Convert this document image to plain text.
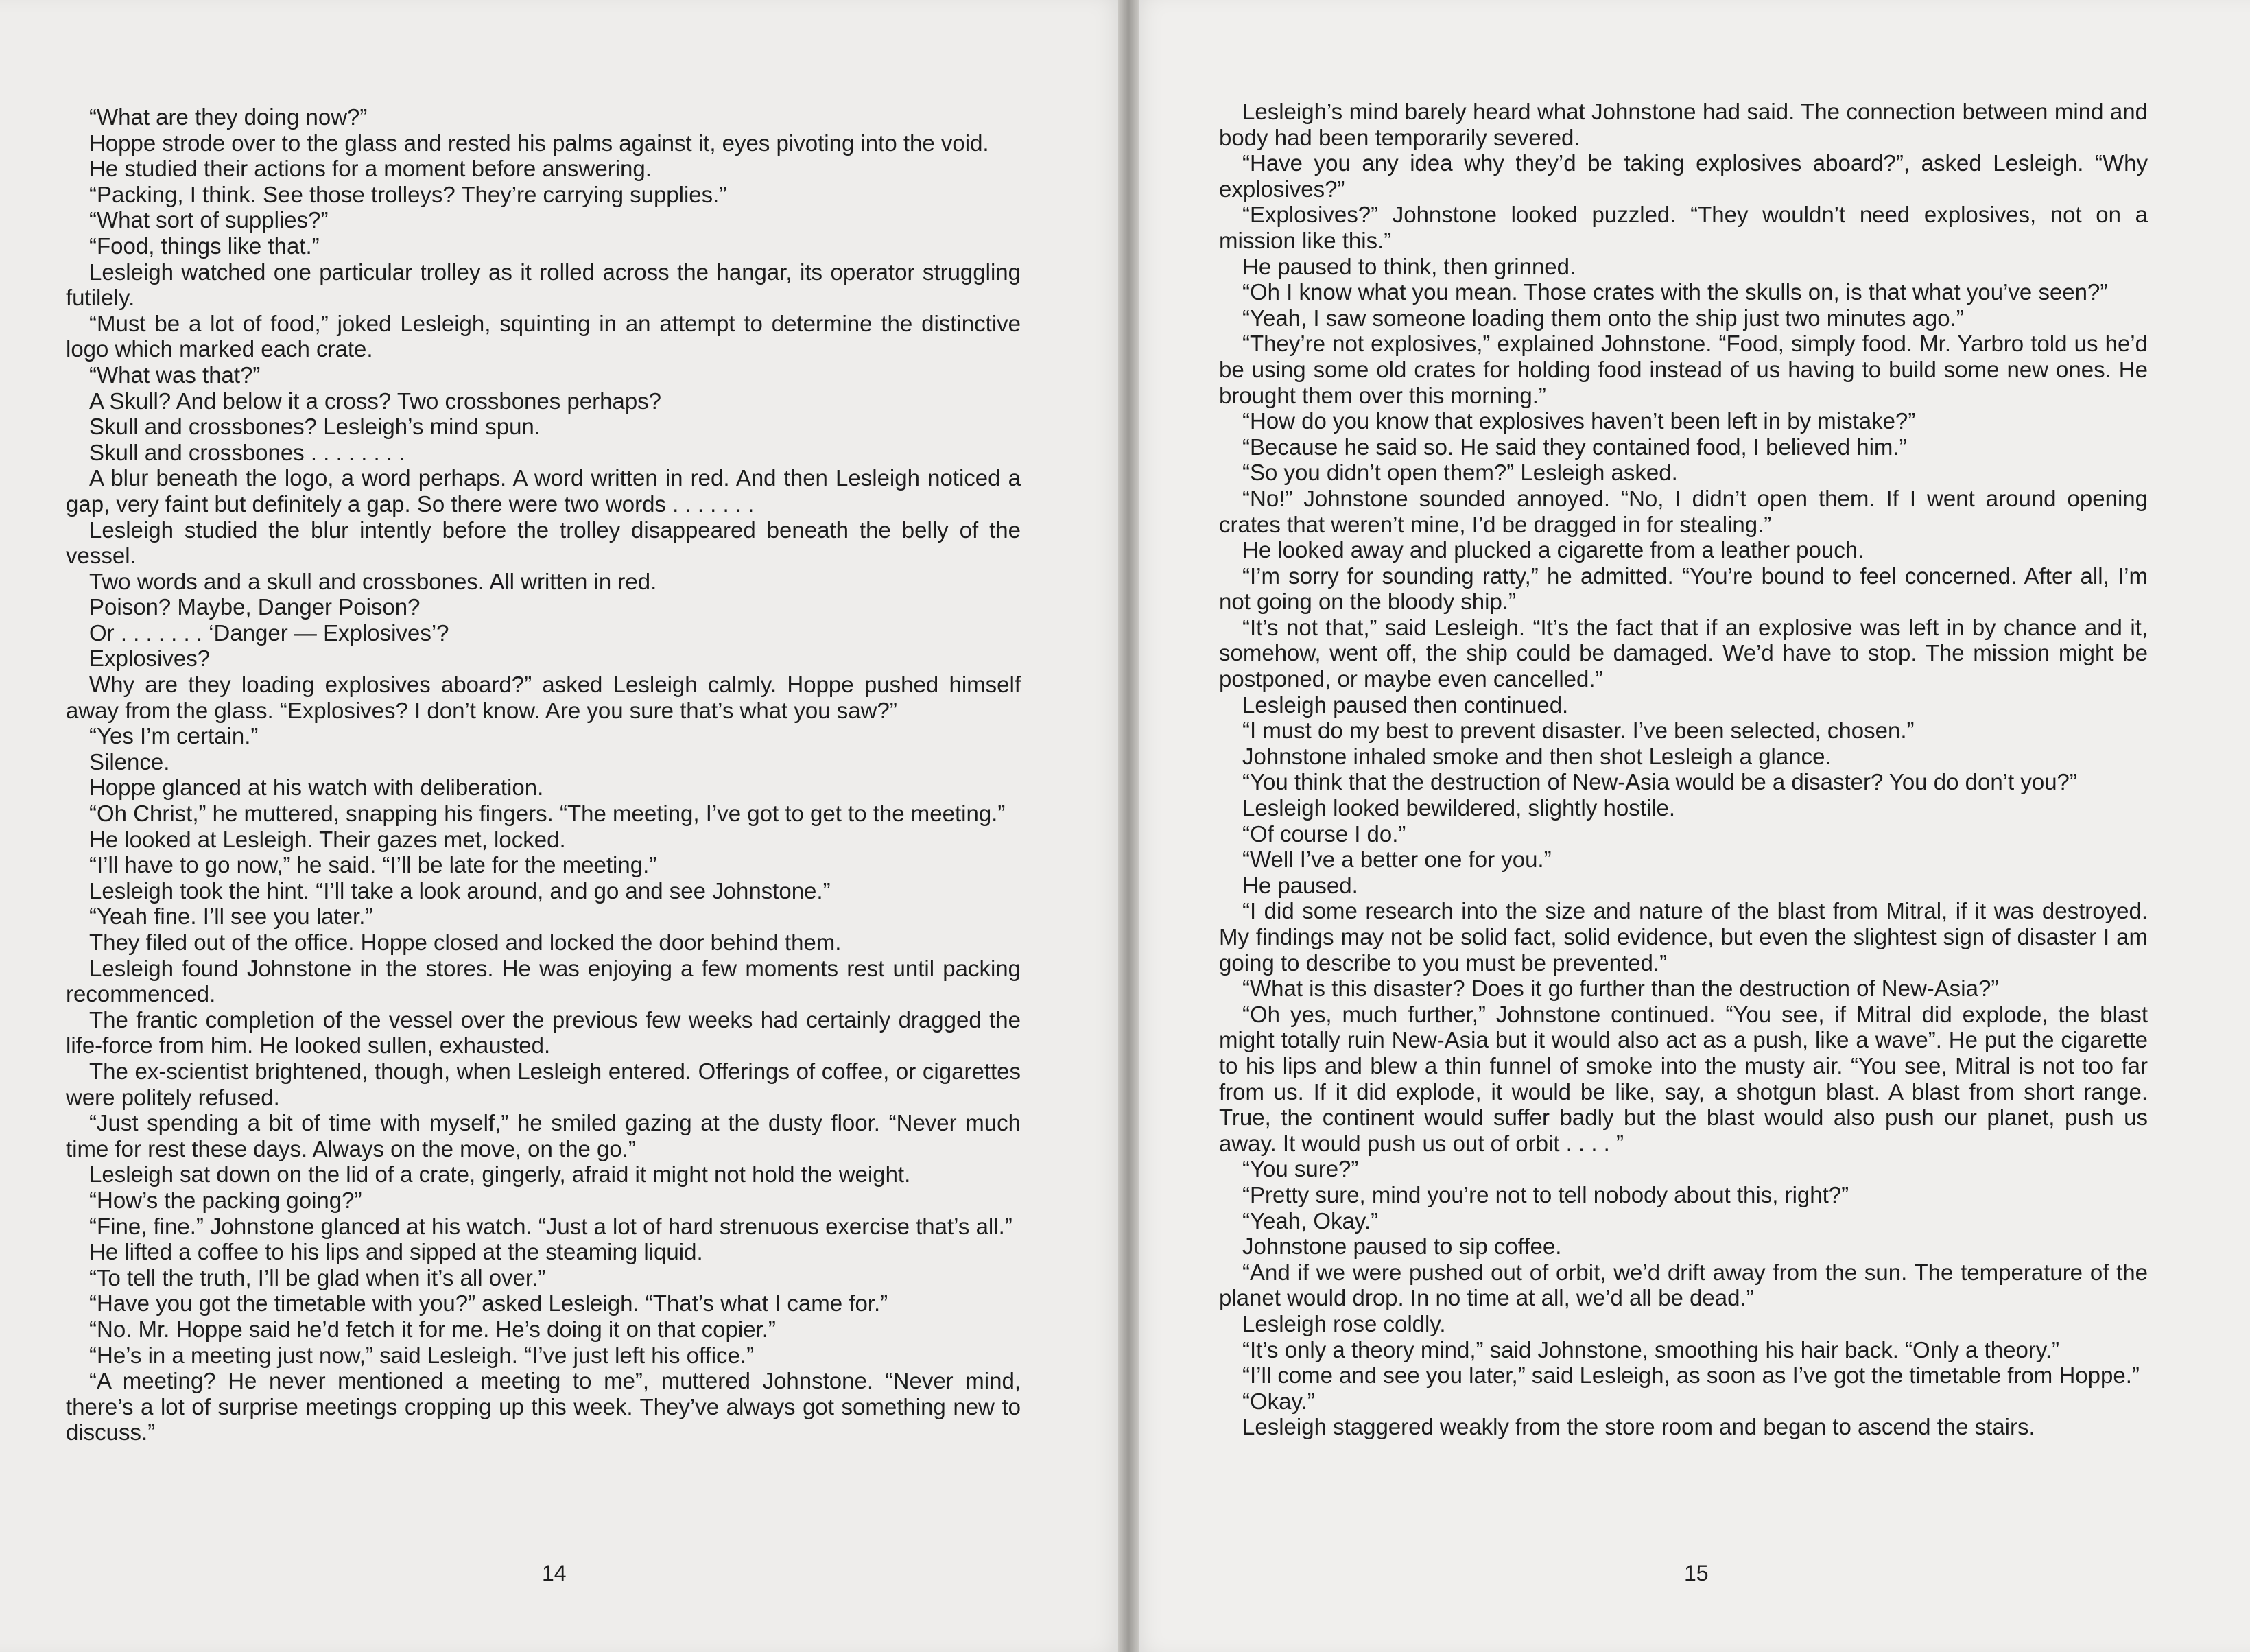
“What are they doing now?”

Hoppe strode over to the glass and rested his palms against it, eyes pivoting into the void.

He studied their actions for a moment before answering.

“Packing, I think. See those trolleys? They’re carrying supplies.”

“What sort of supplies?”

“Food, things like that.”

Lesleigh watched one particular trolley as it rolled across the hangar, its operator struggling futilely.

“Must be a lot of food,” joked Lesleigh, squinting in an attempt to determine the distinctive logo which marked each crate.

“What was that?”

A Skull? And below it a cross? Two crossbones perhaps?

Skull and crossbones? Lesleigh’s mind spun.

Skull and crossbones . . . . . . . .

A blur beneath the logo, a word perhaps. A word written in red. And then Lesleigh noticed a gap, very faint but definitely a gap. So there were two words . . . . . . .

Lesleigh studied the blur intently before the trolley disappeared beneath the belly of the vessel.

Two words and a skull and crossbones. All written in red.

Poison? Maybe, Danger Poison?

Or . . . . . . . ‘Danger — Explosives’?

Explosives?

Why are they loading explosives aboard?” asked Lesleigh calmly. Hoppe pushed himself away from the glass. “Explosives? I don’t know. Are you sure that’s what you saw?”

“Yes I’m certain.”

Silence.

Hoppe glanced at his watch with deliberation.

“Oh Christ,” he muttered, snapping his fingers. “The meeting, I’ve got to get to the meeting.”

He looked at Lesleigh. Their gazes met, locked.

“I’ll have to go now,” he said. “I’ll be late for the meeting.”

Lesleigh took the hint. “I’ll take a look around, and go and see Johnstone.”

“Yeah fine. I’ll see you later.”

They filed out of the office. Hoppe closed and locked the door behind them.

Lesleigh found Johnstone in the stores. He was enjoying a few moments rest until packing recommenced.

The frantic completion of the vessel over the previous few weeks had certainly dragged the life-force from him. He looked sullen, exhausted.

The ex-scientist brightened, though, when Lesleigh entered. Offerings of coffee, or cigarettes were politely refused.

“Just spending a bit of time with myself,” he smiled gazing at the dusty floor. “Never much time for rest these days. Always on the move, on the go.”

Lesleigh sat down on the lid of a crate, gingerly, afraid it might not hold the weight.

“How’s the packing going?”

“Fine, fine.” Johnstone glanced at his watch. “Just a lot of hard strenuous exercise that’s all.”

He lifted a coffee to his lips and sipped at the steaming liquid.

“To tell the truth, I’ll be glad when it’s all over.”

“Have you got the timetable with you?” asked Lesleigh. “That’s what I came for.”

“No. Mr. Hoppe said he’d fetch it for me. He’s doing it on that copier.”

“He’s in a meeting just now,” said Lesleigh. “I’ve just left his office.”

“A meeting? He never mentioned a meeting to me”, muttered Johnstone. “Never mind, there’s a lot of surprise meetings cropping up this week. They’ve always got something new to discuss.”

14

Lesleigh’s mind barely heard what Johnstone had said. The connection between mind and body had been temporarily severed.

“Have you any idea why they’d be taking explosives aboard?”, asked Lesleigh. “Why explosives?”

“Explosives?” Johnstone looked puzzled. “They wouldn’t need explosives, not on a mission like this.”

He paused to think, then grinned.

“Oh I know what you mean. Those crates with the skulls on, is that what you’ve seen?”

“Yeah, I saw someone loading them onto the ship just two minutes ago.”

“They’re not explosives,” explained Johnstone. “Food, simply food. Mr. Yarbro told us he’d be using some old crates for holding food instead of us having to build some new ones. He brought them over this morning.”

“How do you know that explosives haven’t been left in by mistake?”

“Because he said so. He said they contained food, I believed him.”

“So you didn’t open them?” Lesleigh asked.

“No!” Johnstone sounded annoyed. “No, I didn’t open them. If I went around opening crates that weren’t mine, I’d be dragged in for stealing.”

He looked away and plucked a cigarette from a leather pouch.

“I’m sorry for sounding ratty,” he admitted. “You’re bound to feel concerned. After all, I’m not going on the bloody ship.”

“It’s not that,” said Lesleigh. “It’s the fact that if an explosive was left in by chance and it, somehow, went off, the ship could be damaged. We’d have to stop. The mission might be postponed, or maybe even cancelled.”

Lesleigh paused then continued.

“I must do my best to prevent disaster. I’ve been selected, chosen.”

Johnstone inhaled smoke and then shot Lesleigh a glance.

“You think that the destruction of New-Asia would be a disaster? You do don’t you?”

Lesleigh looked bewildered, slightly hostile.

“Of course I do.”

“Well I’ve a better one for you.”

He paused.

“I did some research into the size and nature of the blast from Mitral, if it was destroyed. My findings may not be solid fact, solid evidence, but even the slightest sign of disaster I am going to describe to you must be prevented.”

“What is this disaster? Does it go further than the destruction of New-Asia?”

“Oh yes, much further,” Johnstone continued. “You see, if Mitral did explode, the blast might totally ruin New-Asia but it would also act as a push, like a wave”. He put the cigarette to his lips and blew a thin funnel of smoke into the musty air. “You see, Mitral is not too far from us. If it did explode, it would be like, say, a shotgun blast. A blast from short range. True, the continent would suffer badly but the blast would also push our planet, push us away. It would push us out of orbit . . . . ”

“You sure?”

“Pretty sure, mind you’re not to tell nobody about this, right?”

“Yeah, Okay.”

Johnstone paused to sip coffee.

“And if we were pushed out of orbit, we’d drift away from the sun. The temperature of the planet would drop. In no time at all, we’d all be dead.”

Lesleigh rose coldly.

“It’s only a theory mind,” said Johnstone, smoothing his hair back. “Only a theory.”

“I’ll come and see you later,” said Lesleigh, as soon as I’ve got the timetable from Hoppe.”

“Okay.”

Lesleigh staggered weakly from the store room and began to ascend the stairs.

15
